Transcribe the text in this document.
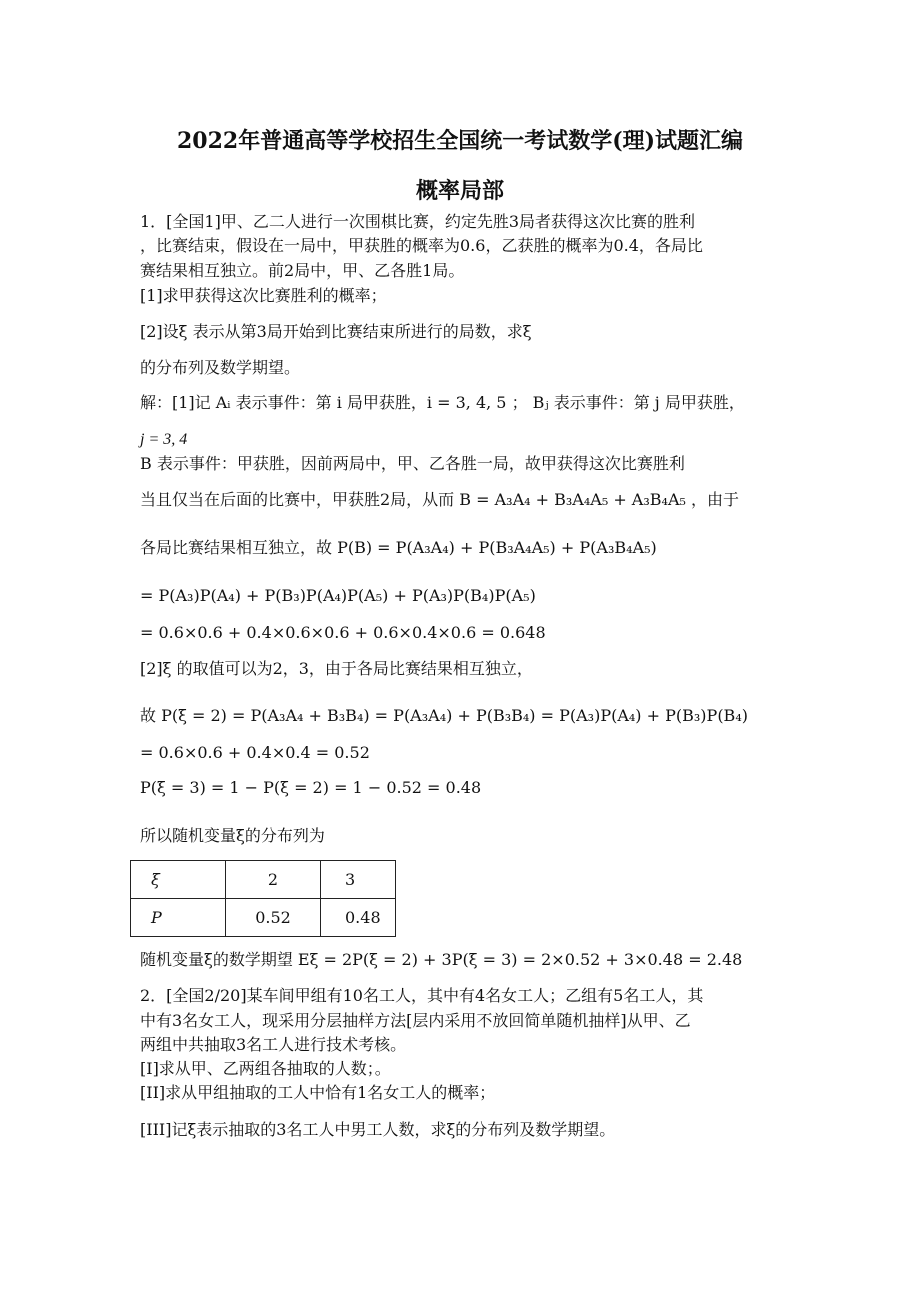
2022年普通高等学校招生全国统一考试数学(理)试题汇编
概率局部
1．[全国1]甲、乙二人进行一次围棋比赛，约定先胜3局者获得这次比赛的胜利
，比赛结束，假设在一局中，甲获胜的概率为0.6，乙获胜的概率为0.4，各局比
赛结果相互独立。前2局中，甲、乙各胜1局。
[1]求甲获得这次比赛胜利的概率；
[2]设ξ 表示从第3局开始到比赛结束所进行的局数，求ξ
的分布列及数学期望。
解：[1]记 Aᵢ 表示事件：第 i 局甲获胜，i = 3, 4, 5 ； Bⱼ 表示事件：第 j 局甲获胜，
j = 3, 4
B 表示事件：甲获胜，因前两局中，甲、乙各胜一局，故甲获得这次比赛胜利
当且仅当在后面的比赛中，甲获胜2局，从而 B = A₃A₄ + B₃A₄A₅ + A₃B₄A₅ ，由于
各局比赛结果相互独立，故 P(B) = P(A₃A₄) + P(B₃A₄A₅) + P(A₃B₄A₅)
= P(A₃)P(A₄) + P(B₃)P(A₄)P(A₅) + P(A₃)P(B₄)P(A₅)
= 0.6×0.6 + 0.4×0.6×0.6 + 0.6×0.4×0.6 = 0.648
[2]ξ 的取值可以为2，3，由于各局比赛结果相互独立，
故 P(ξ = 2) = P(A₃A₄ + B₃B₄) = P(A₃A₄) + P(B₃B₄) = P(A₃)P(A₄) + P(B₃)P(B₄)
= 0.6×0.6 + 0.4×0.4 = 0.52
P(ξ = 3) = 1 − P(ξ = 2) = 1 − 0.52 = 0.48
所以随机变量ξ的分布列为
ξ	2	3
P	0.52	0.48
随机变量ξ的数学期望 Eξ = 2P(ξ = 2) + 3P(ξ = 3) = 2×0.52 + 3×0.48 = 2.48
2．[全国2/20]某车间甲组有10名工人，其中有4名女工人；乙组有5名工人，其
中有3名女工人，现采用分层抽样方法[层内采用不放回简单随机抽样]从甲、乙
两组中共抽取3名工人进行技术考核。
[I]求从甲、乙两组各抽取的人数；。
[II]求从甲组抽取的工人中恰有1名女工人的概率；
[III]记ξ表示抽取的3名工人中男工人数，求ξ的分布列及数学期望。
